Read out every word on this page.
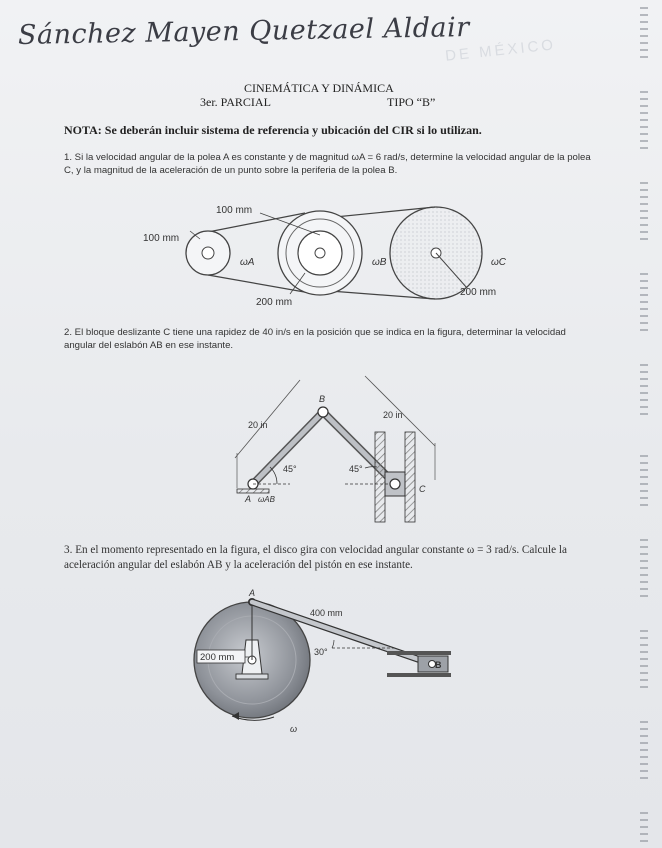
DE MÉXICO
Sánchez Mayen Quetzael Aldair
CINEMÁTICA Y DINÁMICA
3er. PARCIAL	TIPO “B”
NOTA: Se deberán incluir sistema de referencia y ubicación del CIR si lo utilizan.
1. Si la velocidad angular de la polea A es constante y de magnitud ωA = 6 rad/s, determine la velocidad angular de la polea C, y la magnitud de la aceleración de un punto sobre la periferia de la polea B.
100 mm
100 mm
200 mm
200 mm
ωA	ωB	ωC
2. El bloque deslizante C tiene una rapidez de 40 in/s en la posición que se indica en la figura, determinar la velocidad angular del eslabón AB en ese instante.
20 in
20 in
45°	45°
B
A
C
ωAB
3. En el momento representado en la figura, el disco gira con velocidad angular constante ω = 3 rad/s. Calcule la aceleración angular del eslabón AB y la aceleración del pistón en ese instante.
200 mm
A
B
400 mm
30°
ω
